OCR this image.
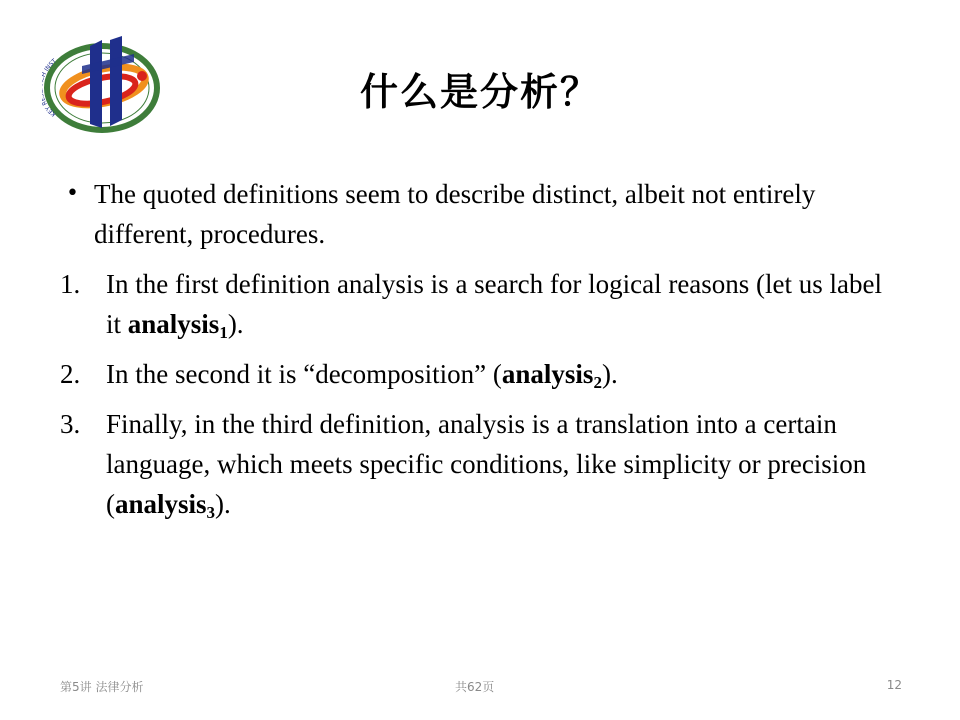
KEY INST
什么是分析？
• The quoted definitions seem to describe distinct, albeit not entirely different, procedures.
1. In the first definition analysis is a search for logical reasons (let us label it analysis$_1$).
2. In the second it is “decomposition” (analysis$_2$).
3. Finally, in the third definition, analysis is a translation into a certain language, which meets specific conditions, like simplicity or precision (analysis$_3$).
第5讲 法律分析	共62页	12
